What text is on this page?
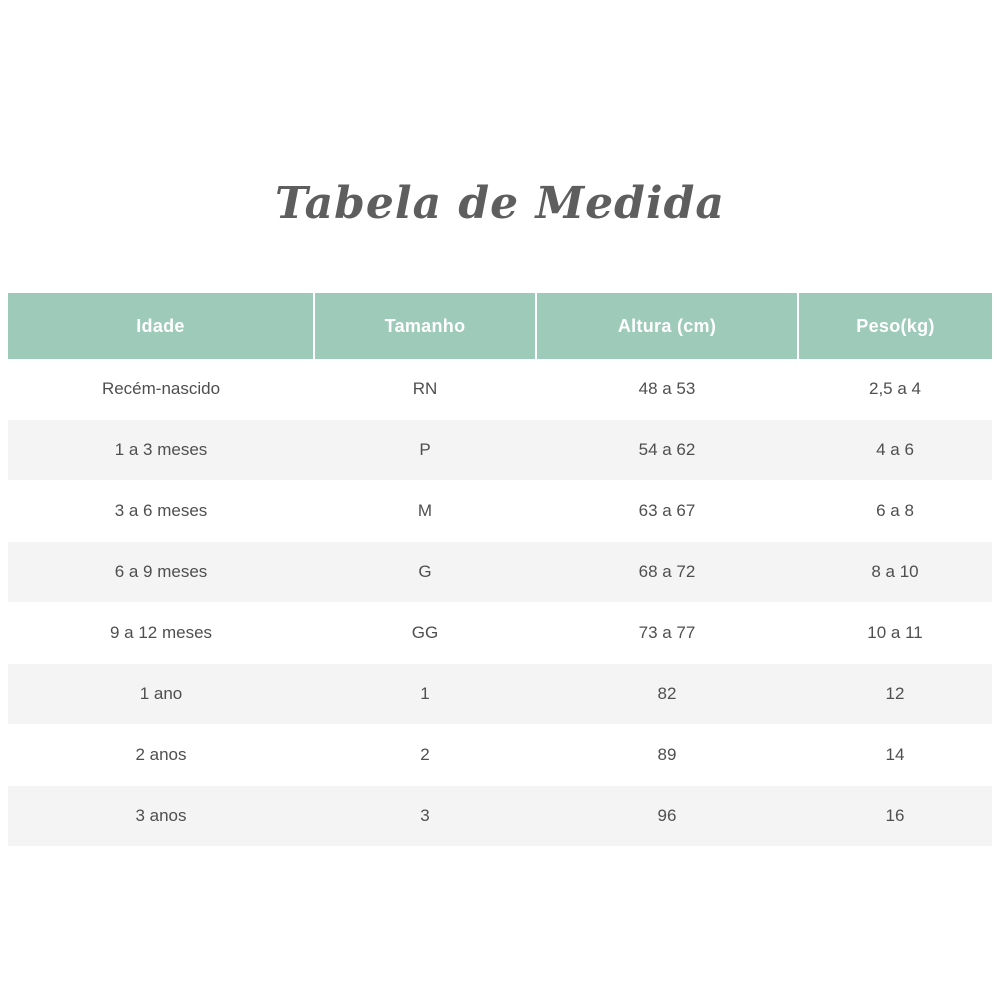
Tabela de Medida
Idade	Tamanho	Altura (cm)	Peso(kg)
Recém-nascido	RN	48 a 53	2,5 a 4
1 a 3 meses	P	54 a 62	4 a 6
3 a 6 meses	M	63 a 67	6 a 8
6 a 9 meses	G	68 a 72	8 a 10
9 a 12 meses	GG	73 a 77	10 a 11
1 ano	1	82	12
2 anos	2	89	14
3 anos	3	96	16
